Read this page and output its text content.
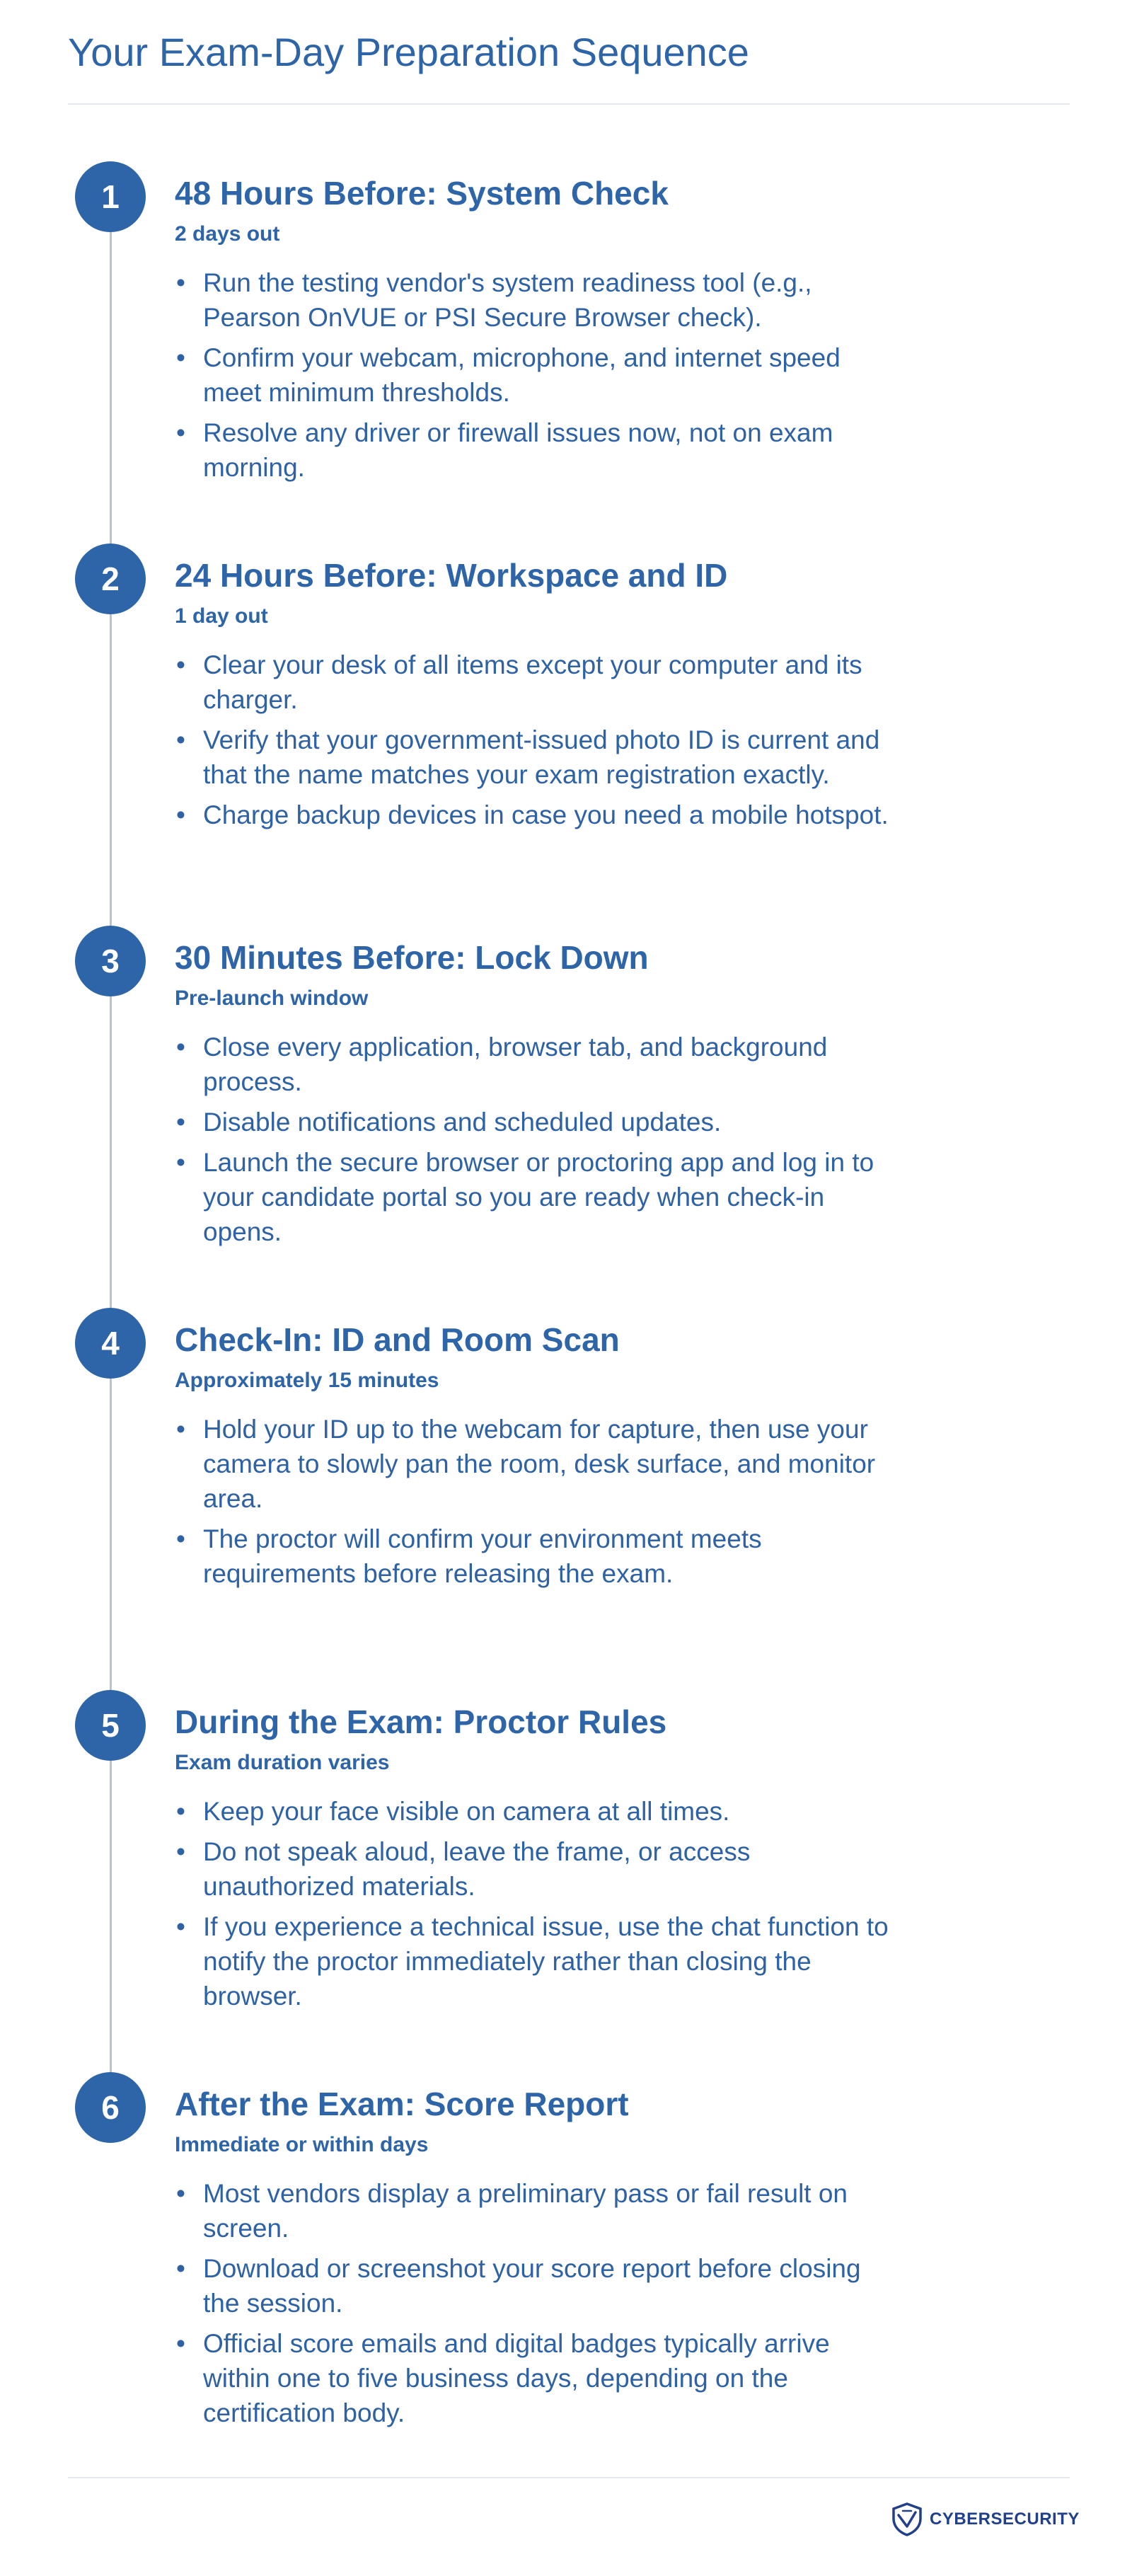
Your Exam-Day Preparation Sequence
1	48 Hours Before: System Check
2 days out
• Run the testing vendor's system readiness tool (e.g., Pearson OnVUE or PSI Secure Browser check).
• Confirm your webcam, microphone, and internet speed meet minimum thresholds.
• Resolve any driver or firewall issues now, not on exam morning.
2	24 Hours Before: Workspace and ID
1 day out
• Clear your desk of all items except your computer and its charger.
• Verify that your government-issued photo ID is current and that the name matches your exam registration exactly.
• Charge backup devices in case you need a mobile hotspot.
3	30 Minutes Before: Lock Down
Pre-launch window
• Close every application, browser tab, and background process.
• Disable notifications and scheduled updates.
• Launch the secure browser or proctoring app and log in to your candidate portal so you are ready when check-in opens.
4	Check-In: ID and Room Scan
Approximately 15 minutes
• Hold your ID up to the webcam for capture, then use your camera to slowly pan the room, desk surface, and monitor area.
• The proctor will confirm your environment meets requirements before releasing the exam.
5	During the Exam: Proctor Rules
Exam duration varies
• Keep your face visible on camera at all times.
• Do not speak aloud, leave the frame, or access unauthorized materials.
• If you experience a technical issue, use the chat function to notify the proctor immediately rather than closing the browser.
6	After the Exam: Score Report
Immediate or within days
• Most vendors display a preliminary pass or fail result on screen.
• Download or screenshot your score report before closing the session.
• Official score emails and digital badges typically arrive within one to five business days, depending on the certification body.
CYBERSECURITY
